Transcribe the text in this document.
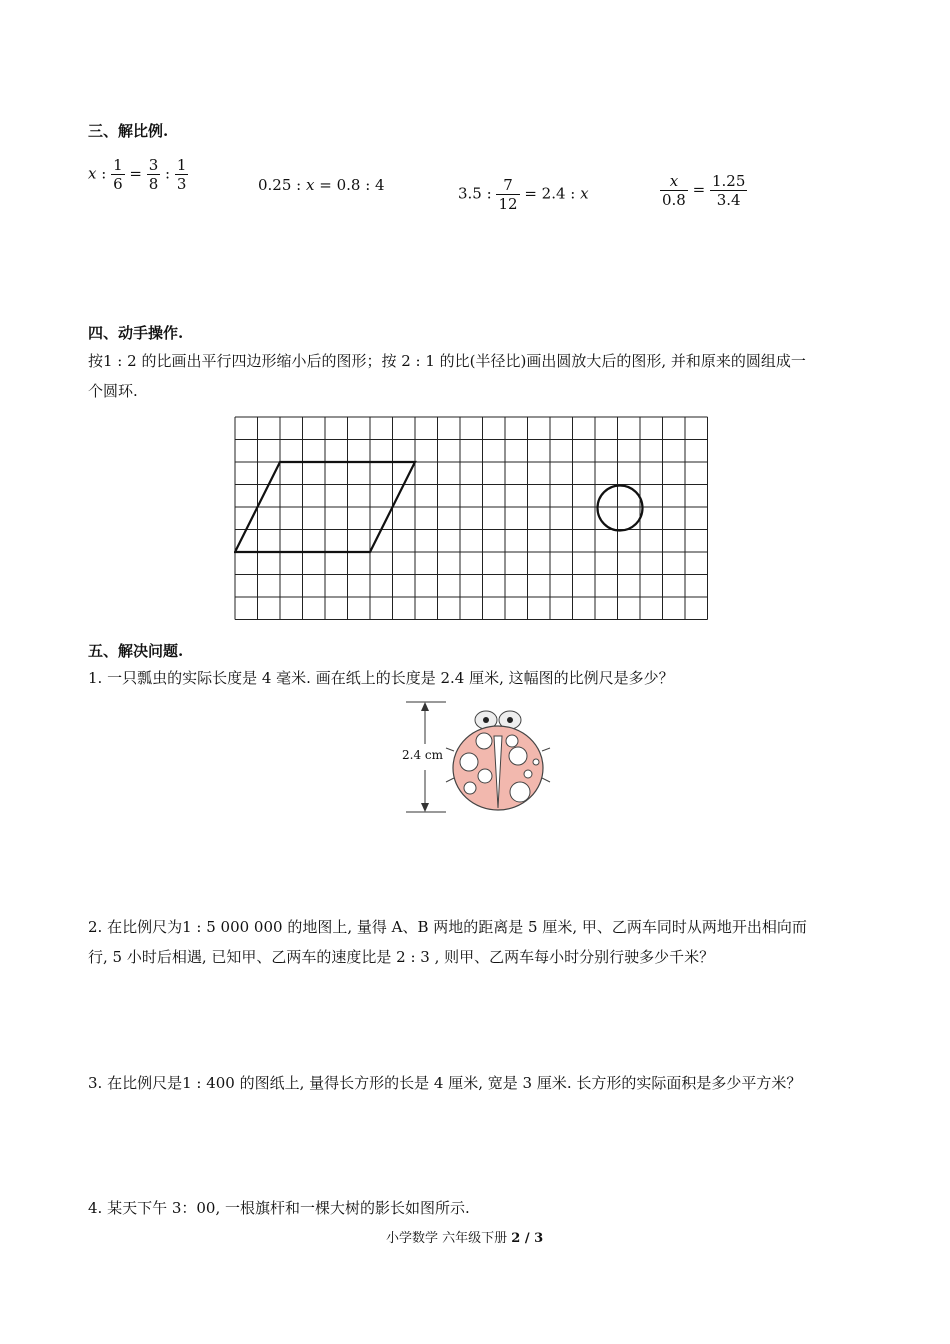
三、解比例.
x : $\frac{1}{6} = \frac{3}{8}$ : $\frac{1}{3}$	0.25 : x = 0.8 : 4	3.5 : $\frac{7}{12} = 2.4$ : x	$\frac{x}{0.8} = \frac{1.25}{3.4}$
四、动手操作.
按1 : 2 的比画出平行四边形缩小后的图形；按 2 : 1 的比(半径比)画出圆放大后的图形, 并和原来的圆组成一
个圆环.
五、解决问题.
1. 一只瓢虫的实际长度是 4 毫米. 画在纸上的长度是 2.4 厘米, 这幅图的比例尺是多少？
2.4 cm
2. 在比例尺为1 : 5 000 000 的地图上, 量得 A、B 两地的距离是 5 厘米, 甲、乙两车同时从两地开出相向而
行, 5 小时后相遇, 已知甲、乙两车的速度比是 2 : 3 , 则甲、乙两车每小时分别行驶多少千米？
3. 在比例尺是1 : 400 的图纸上, 量得长方形的长是 4 厘米, 宽是 3 厘米. 长方形的实际面积是多少平方米？
4. 某天下午 3：00, 一根旗杆和一棵大树的影长如图所示.
小学数学 六年级下册 2 / 3
